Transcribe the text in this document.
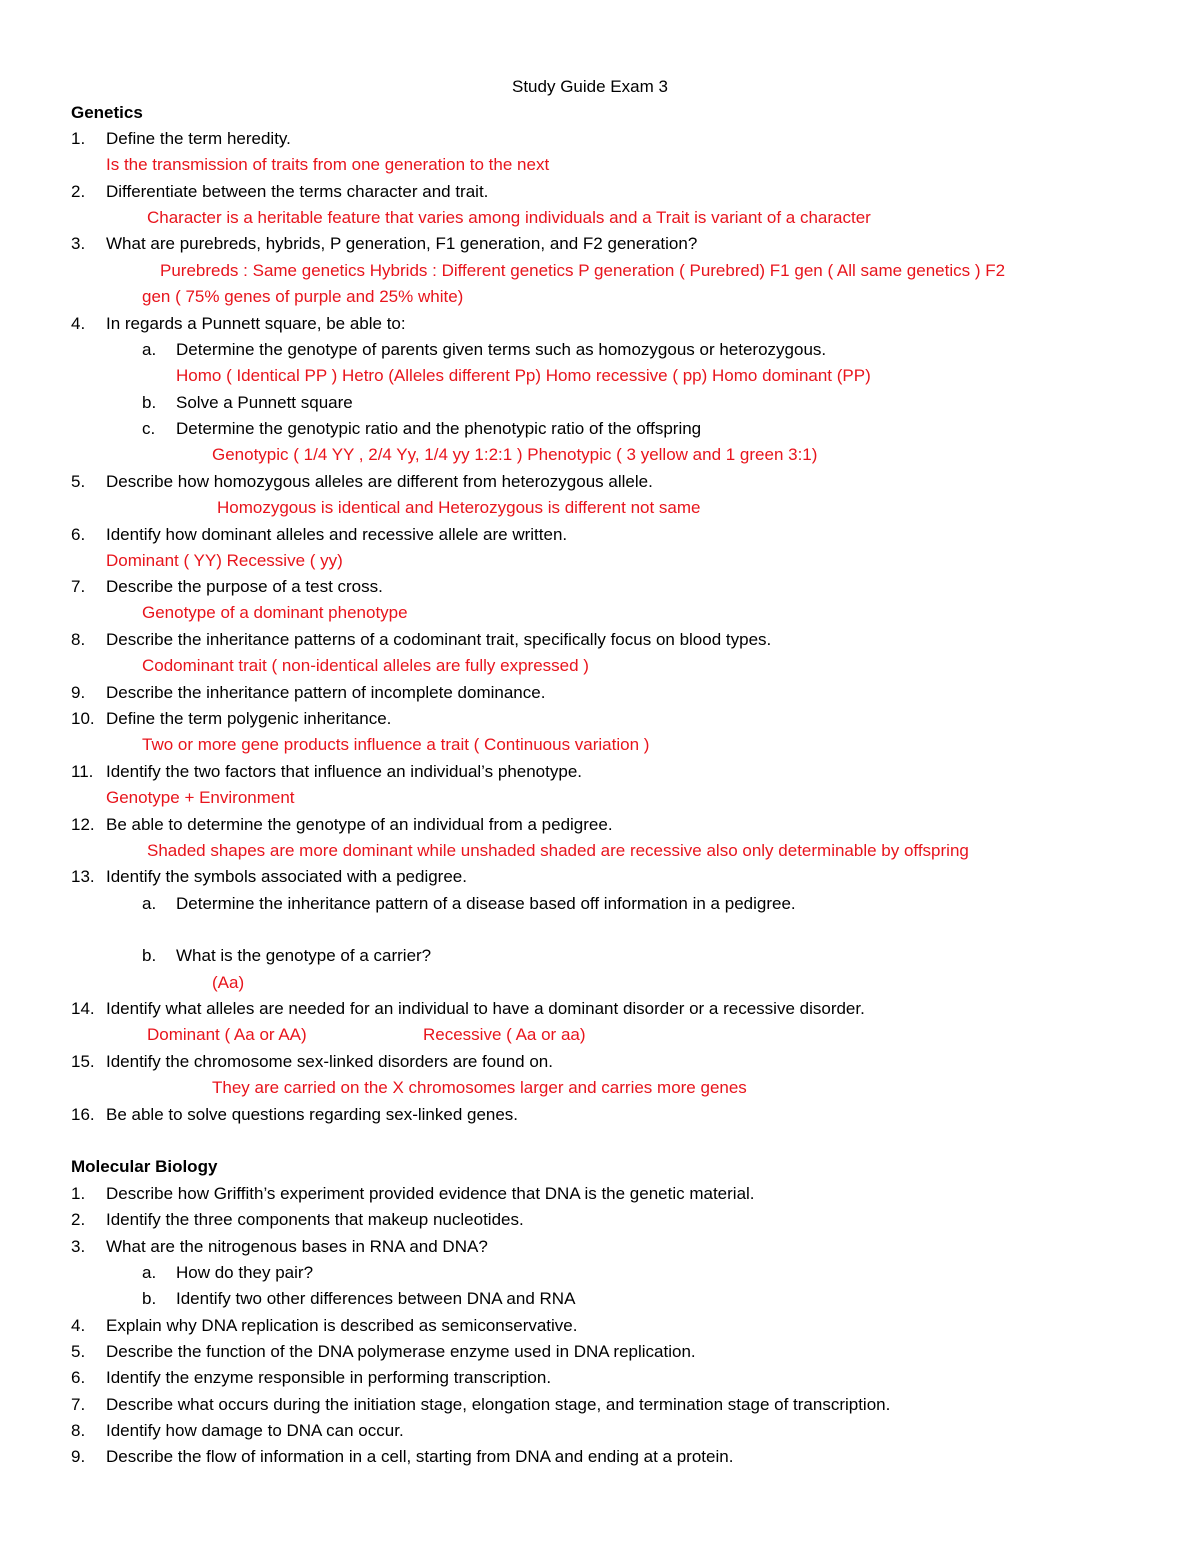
Study Guide Exam 3
Genetics
1. Define the term heredity.
Is the transmission of traits from one generation to the next
2. Differentiate between the terms character and trait.
Character is a heritable feature that varies among individuals and a Trait is variant of a character
3. What are purebreds, hybrids, P generation, F1 generation, and F2 generation?
Purebreds : Same genetics Hybrids : Different genetics P generation ( Purebred) F1 gen ( All same genetics ) F2
gen ( 75% genes of purple and 25% white)
4. In regards a Punnett square, be able to:
a. Determine the genotype of parents given terms such as homozygous or heterozygous.
Homo ( Identical PP ) Hetro (Alleles different Pp) Homo recessive ( pp) Homo dominant (PP)
b. Solve a Punnett square
c. Determine the genotypic ratio and the phenotypic ratio of the offspring
Genotypic ( 1/4 YY , 2/4 Yy, 1/4 yy 1:2:1 ) Phenotypic ( 3 yellow and 1 green 3:1)
5. Describe how homozygous alleles are different from heterozygous allele.
Homozygous is identical and Heterozygous is different not same
6. Identify how dominant alleles and recessive allele are written.
Dominant ( YY) Recessive ( yy)
7. Describe the purpose of a test cross.
Genotype of a dominant phenotype
8. Describe the inheritance patterns of a codominant trait, specifically focus on blood types.
Codominant trait ( non-identical alleles are fully expressed )
9. Describe the inheritance pattern of incomplete dominance.
10. Define the term polygenic inheritance.
Two or more gene products influence a trait ( Continuous variation )
11. Identify the two factors that influence an individual’s phenotype.
Genotype + Environment
12. Be able to determine the genotype of an individual from a pedigree.
Shaded shapes are more dominant while unshaded shaded are recessive also only determinable by offspring
13. Identify the symbols associated with a pedigree.
a. Determine the inheritance pattern of a disease based off information in a pedigree.
b. What is the genotype of a carrier?
(Aa)
14. Identify what alleles are needed for an individual to have a dominant disorder or a recessive disorder.
Dominant ( Aa or AA)	Recessive ( Aa or aa)
15. Identify the chromosome sex-linked disorders are found on.
They are carried on the X chromosomes larger and carries more genes
16. Be able to solve questions regarding sex-linked genes.
Molecular Biology
1. Describe how Griffith’s experiment provided evidence that DNA is the genetic material.
2. Identify the three components that makeup nucleotides.
3. What are the nitrogenous bases in RNA and DNA?
a. How do they pair?
b. Identify two other differences between DNA and RNA
4. Explain why DNA replication is described as semiconservative.
5. Describe the function of the DNA polymerase enzyme used in DNA replication.
6. Identify the enzyme responsible in performing transcription.
7. Describe what occurs during the initiation stage, elongation stage, and termination stage of transcription.
8. Identify how damage to DNA can occur.
9. Describe the flow of information in a cell, starting from DNA and ending at a protein.
